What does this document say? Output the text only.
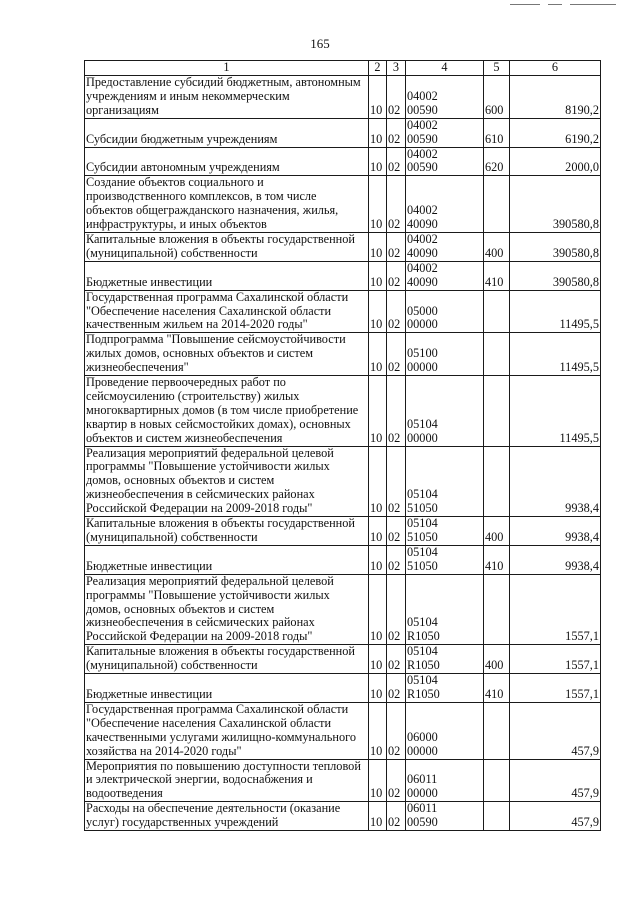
165
1	2	3	4	5	6
Предоставление субсидий бюджетным, автономным
учреждениям и иным некоммерческим
организациям	10	02	0400200590	600	8190,2
Субсидии бюджетным учреждениям	10	02	0400200590	610	6190,2
Субсидии автономным учреждениям	10	02	0400200590	620	2000,0
Создание объектов социального и
производственного комплексов, в том числе
объектов общегражданского назначения, жилья,
инфраструктуры, и иных объектов	10	02	0400240090		390580,8
Капитальные вложения в объекты государственной
(муниципальной) собственности	10	02	0400240090	400	390580,8
Бюджетные инвестиции	10	02	0400240090	410	390580,8
Государственная программа Сахалинской области
"Обеспечение населения Сахалинской области
качественным жильем на 2014-2020 годы"	10	02	0500000000		11495,5
Подпрограмма "Повышение сейсмоустойчивости
жилых домов, основных объектов и систем
жизнеобеспечения"	10	02	0510000000		11495,5
Проведение первоочередных работ по
сейсмоусилению (строительству) жилых
многоквартирных домов (в том числе приобретение
квартир в новых сейсмостойких домах), основных
объектов и систем жизнеобеспечения	10	02	0510400000		11495,5
Реализация мероприятий федеральной целевой
программы "Повышение устойчивости жилых
домов, основных объектов и систем
жизнеобеспечения в сейсмических районах
Российской Федерации на 2009-2018 годы"	10	02	0510451050		9938,4
Капитальные вложения в объекты государственной
(муниципальной) собственности	10	02	0510451050	400	9938,4
Бюджетные инвестиции	10	02	0510451050	410	9938,4
Реализация мероприятий федеральной целевой
программы "Повышение устойчивости жилых
домов, основных объектов и систем
жизнеобеспечения в сейсмических районах
Российской Федерации на 2009-2018 годы"	10	02	05104R1050		1557,1
Капитальные вложения в объекты государственной
(муниципальной) собственности	10	02	05104R1050	400	1557,1
Бюджетные инвестиции	10	02	05104R1050	410	1557,1
Государственная программа Сахалинской области
"Обеспечение населения Сахалинской области
качественными услугами жилищно-коммунального
хозяйства на 2014-2020 годы"	10	02	0600000000		457,9
Мероприятия по повышению доступности тепловой
и электрической энергии, водоснабжения и
водоотведения	10	02	0601100000		457,9
Расходы на обеспечение деятельности (оказание
услуг) государственных учреждений	10	02	0601100590		457,9
